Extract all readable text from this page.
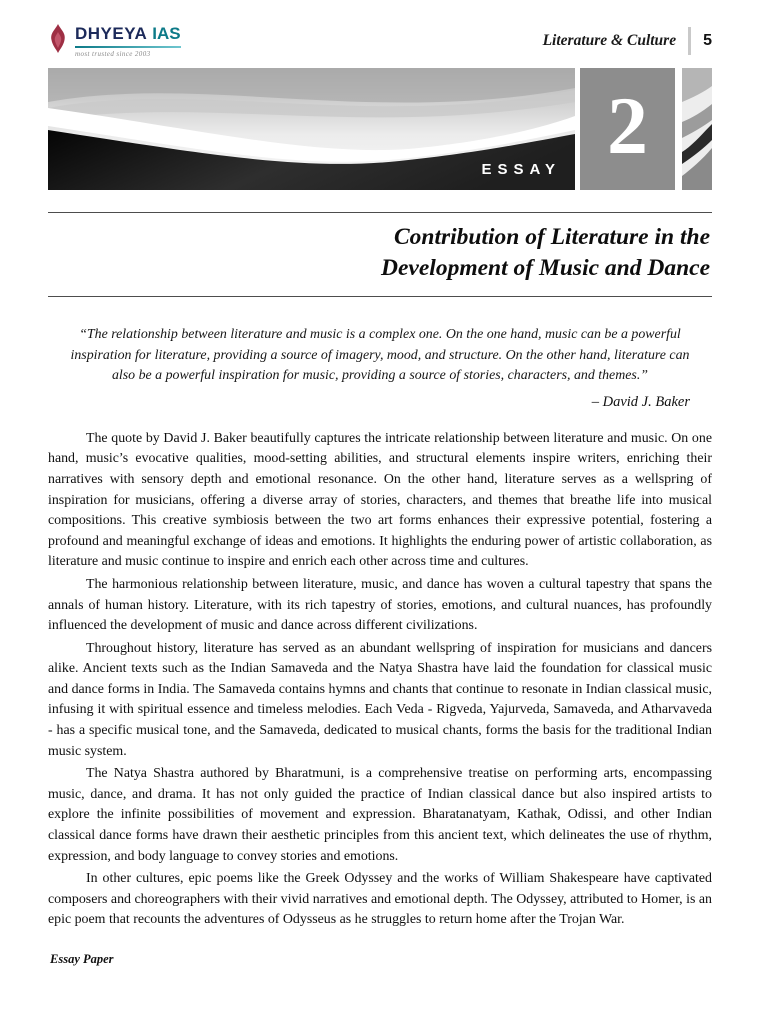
DHYEYA IAS
most trusted since 2003
Literature & Culture 5
ESSAY 2
Contribution of Literature in the
Development of Music and Dance
“The relationship between literature and music is a complex one. On the one hand, music can be a powerful inspiration for literature, providing a source of imagery, mood, and structure. On the other hand, literature can also be a powerful inspiration for music, providing a source of stories, characters, and themes.”
– David J. Baker

The quote by David J. Baker beautifully captures the intricate relationship between literature and music. On one hand, music’s evocative qualities, mood-setting abilities, and structural elements inspire writers, enriching their narratives with sensory depth and emotional resonance. On the other hand, literature serves as a wellspring of inspiration for musicians, offering a diverse array of stories, characters, and themes that breathe life into musical compositions. This creative symbiosis between the two art forms enhances their expressive potential, fostering a profound and meaningful exchange of ideas and emotions. It highlights the enduring power of artistic collaboration, as literature and music continue to inspire and enrich each other across time and cultures.

The harmonious relationship between literature, music, and dance has woven a cultural tapestry that spans the annals of human history. Literature, with its rich tapestry of stories, emotions, and cultural nuances, has profoundly influenced the development of music and dance across different civilizations.

Throughout history, literature has served as an abundant wellspring of inspiration for musicians and dancers alike. Ancient texts such as the Indian Samaveda and the Natya Shastra have laid the foundation for classical music and dance forms in India. The Samaveda contains hymns and chants that continue to resonate in Indian classical music, infusing it with spiritual essence and timeless melodies. Each Veda - Rigveda, Yajurveda, Samaveda, and Atharvaveda - has a specific musical tone, and the Samaveda, dedicated to musical chants, forms the basis for the traditional Indian music system.

The Natya Shastra authored by Bharatmuni, is a comprehensive treatise on performing arts, encompassing music, dance, and drama. It has not only guided the practice of Indian classical dance but also inspired artists to explore the infinite possibilities of movement and expression. Bharatanatyam, Kathak, Odissi, and other Indian classical dance forms have drawn their aesthetic principles from this ancient text, which delineates the use of rhythm, expression, and body language to convey stories and emotions.

In other cultures, epic poems like the Greek Odyssey and the works of William Shakespeare have captivated composers and choreographers with their vivid narratives and emotional depth. The Odyssey, attributed to Homer, is an epic poem that recounts the adventures of Odysseus as he struggles to return home after the Trojan War.

Essay Paper
